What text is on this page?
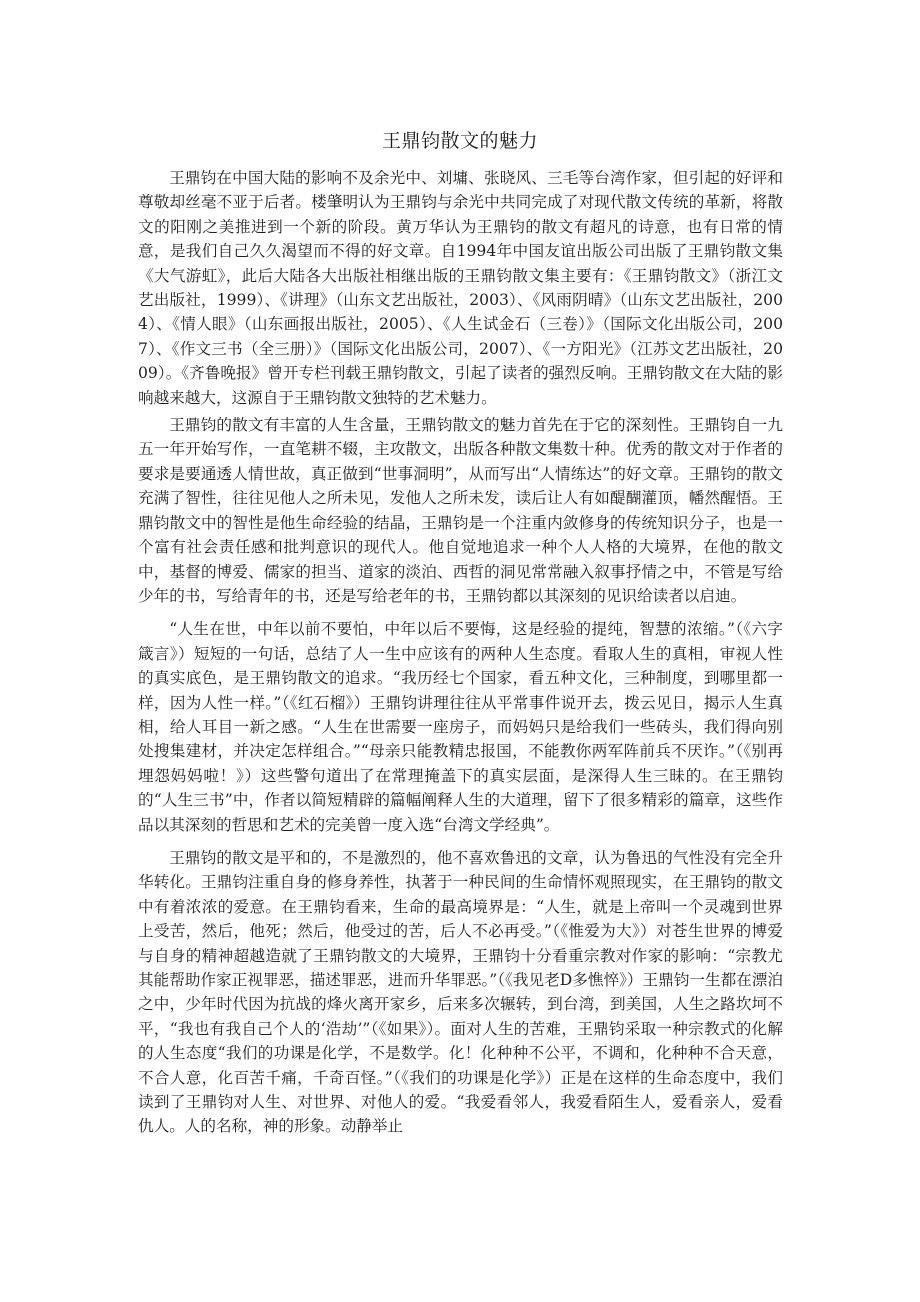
王鼎钧散文的魅力

王鼎钧在中国大陆的影响不及余光中、刘墉、张晓风、三毛等台湾作家，但引起的好评和尊敬却丝毫不亚于后者。楼肇明认为王鼎钧与余光中共同完成了对现代散文传统的革新，将散文的阳刚之美推进到一个新的阶段。黄万华认为王鼎钧的散文有超凡的诗意，也有日常的情意，是我们自己久久渴望而不得的好文章。自1994年中国友谊出版公司出版了王鼎钧散文集《大气游虹》，此后大陆各大出版社相继出版的王鼎钧散文集主要有：《王鼎钧散文》（浙江文艺出版社，1999）、《讲理》（山东文艺出版社，2003）、《风雨阴晴》（山东文艺出版社，2004）、《情人眼》（山东画报出版社，2005）、《人生试金石（三卷）》（国际文化出版公司，2007）、《作文三书（全三册）》（国际文化出版公司，2007）、《一方阳光》（江苏文艺出版社，2009）。《齐鲁晚报》曾开专栏刊载王鼎钧散文，引起了读者的强烈反响。王鼎钧散文在大陆的影响越来越大，这源自于王鼎钧散文独特的艺术魅力。

王鼎钧的散文有丰富的人生含量，王鼎钧散文的魅力首先在于它的深刻性。王鼎钧自一九五一年开始写作，一直笔耕不辍，主攻散文，出版各种散文集数十种。优秀的散文对于作者的要求是要通透人情世故，真正做到“世事洞明”，从而写出“人情练达”的好文章。王鼎钧的散文充满了智性，往往见他人之所未见，发他人之所未发，读后让人有如醍醐灌顶，幡然醒悟。王鼎钧散文中的智性是他生命经验的结晶，王鼎钧是一个注重内敛修身的传统知识分子，也是一个富有社会责任感和批判意识的现代人。他自觉地追求一种个人人格的大境界，在他的散文中，基督的博爱、儒家的担当、道家的淡泊、西哲的洞见常常融入叙事抒情之中，不管是写给少年的书，写给青年的书，还是写给老年的书，王鼎钧都以其深刻的见识给读者以启迪。

“人生在世，中年以前不要怕，中年以后不要悔，这是经验的提纯，智慧的浓缩。”（《六字箴言》）短短的一句话，总结了人一生中应该有的两种人生态度。看取人生的真相，审视人性的真实底色，是王鼎钧散文的追求。“我历经七个国家，看五种文化，三种制度，到哪里都一样，因为人性一样。”（《红石榴》）王鼎钧讲理往往从平常事件说开去，拨云见日，揭示人生真相，给人耳目一新之感。“人生在世需要一座房子，而妈妈只是给我们一些砖头，我们得向别处搜集建材，并决定怎样组合。”“母亲只能教精忠报国，不能教你两军阵前兵不厌诈。”（《别再埋怨妈妈啦！》）这些警句道出了在常理掩盖下的真实层面，是深得人生三昧的。在王鼎钧的“人生三书”中，作者以简短精辟的篇幅阐释人生的大道理，留下了很多精彩的篇章，这些作品以其深刻的哲思和艺术的完美曾一度入选“台湾文学经典”。

王鼎钧的散文是平和的，不是激烈的，他不喜欢鲁迅的文章，认为鲁迅的气性没有完全升华转化。王鼎钧注重自身的修身养性，执著于一种民间的生命情怀观照现实，在王鼎钧的散文中有着浓浓的爱意。在王鼎钧看来，生命的最高境界是：“人生，就是上帝叫一个灵魂到世界上受苦，然后，他死；然后，他受过的苦，后人不必再受。”（《惟爱为大》）对苍生世界的博爱与自身的精神超越造就了王鼎钧散文的大境界，王鼎钧十分看重宗教对作家的影响：“宗教尤其能帮助作家正视罪恶，描述罪恶，进而升华罪恶。”（《我见老D多憔悴》）王鼎钧一生都在漂泊之中，少年时代因为抗战的烽火离开家乡，后来多次辗转，到台湾，到美国，人生之路坎坷不平，“我也有我自己个人的‘浩劫’”（《如果》）。面对人生的苦难，王鼎钧采取一种宗教式的化解的人生态度“我们的功课是化学，不是数学。化！化种种不公平，不调和，化种种不合天意，不合人意，化百苦千痛，千奇百怪。”（《我们的功课是化学》）正是在这样的生命态度中，我们读到了王鼎钧对人生、对世界、对他人的爱。“我爱看邻人，我爱看陌生人，爱看亲人，爱看仇人。人的名称，神的形象。动静举止
